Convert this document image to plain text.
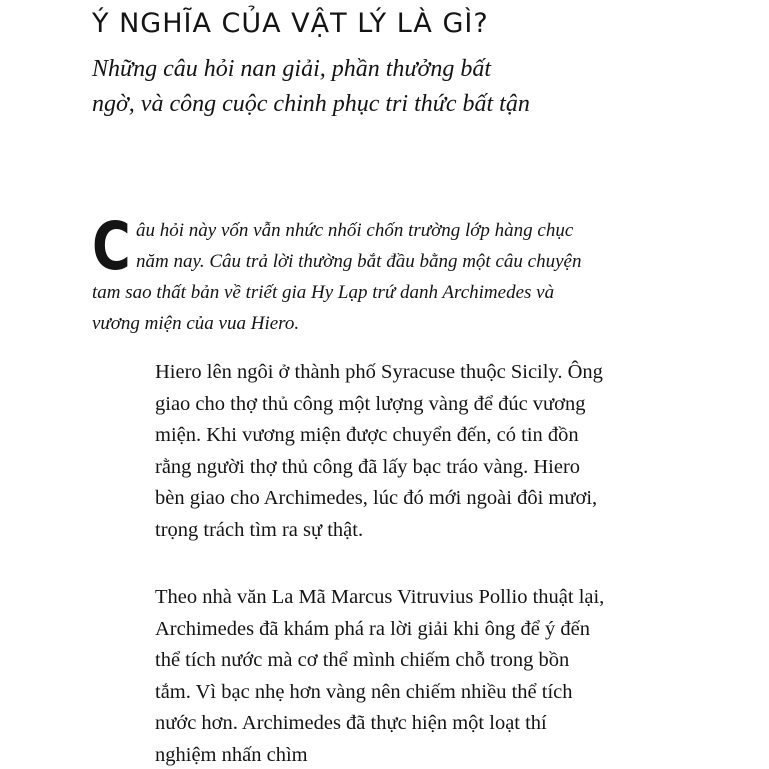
Ý NGHĨA CỦA VẬT LÝ LÀ GÌ?

Những câu hỏi nan giải, phần thưởng bất ngờ, và công cuộc chinh phục tri thức bất tận

Câu hỏi này vốn vẫn nhức nhối chốn trường lớp hàng chục năm nay. Câu trả lời thường bắt đầu bằng một câu chuyện tam sao thất bản về triết gia Hy Lạp trứ danh Archimedes và vương miện của vua Hiero.

Hiero lên ngôi ở thành phố Syracuse thuộc Sicily. Ông giao cho thợ thủ công một lượng vàng để đúc vương miện. Khi vương miện được chuyển đến, có tin đồn rằng người thợ thủ công đã lấy bạc tráo vàng. Hiero bèn giao cho Archimedes, lúc đó mới ngoài đôi mươi, trọng trách tìm ra sự thật.

Theo nhà văn La Mã Marcus Vitruvius Pollio thuật lại, Archimedes đã khám phá ra lời giải khi ông để ý đến thể tích nước mà cơ thể mình chiếm chỗ trong bồn tắm. Vì bạc nhẹ hơn vàng nên chiếm nhiều thể tích nước hơn. Archimedes đã thực hiện một loạt thí nghiệm nhấn chìm
